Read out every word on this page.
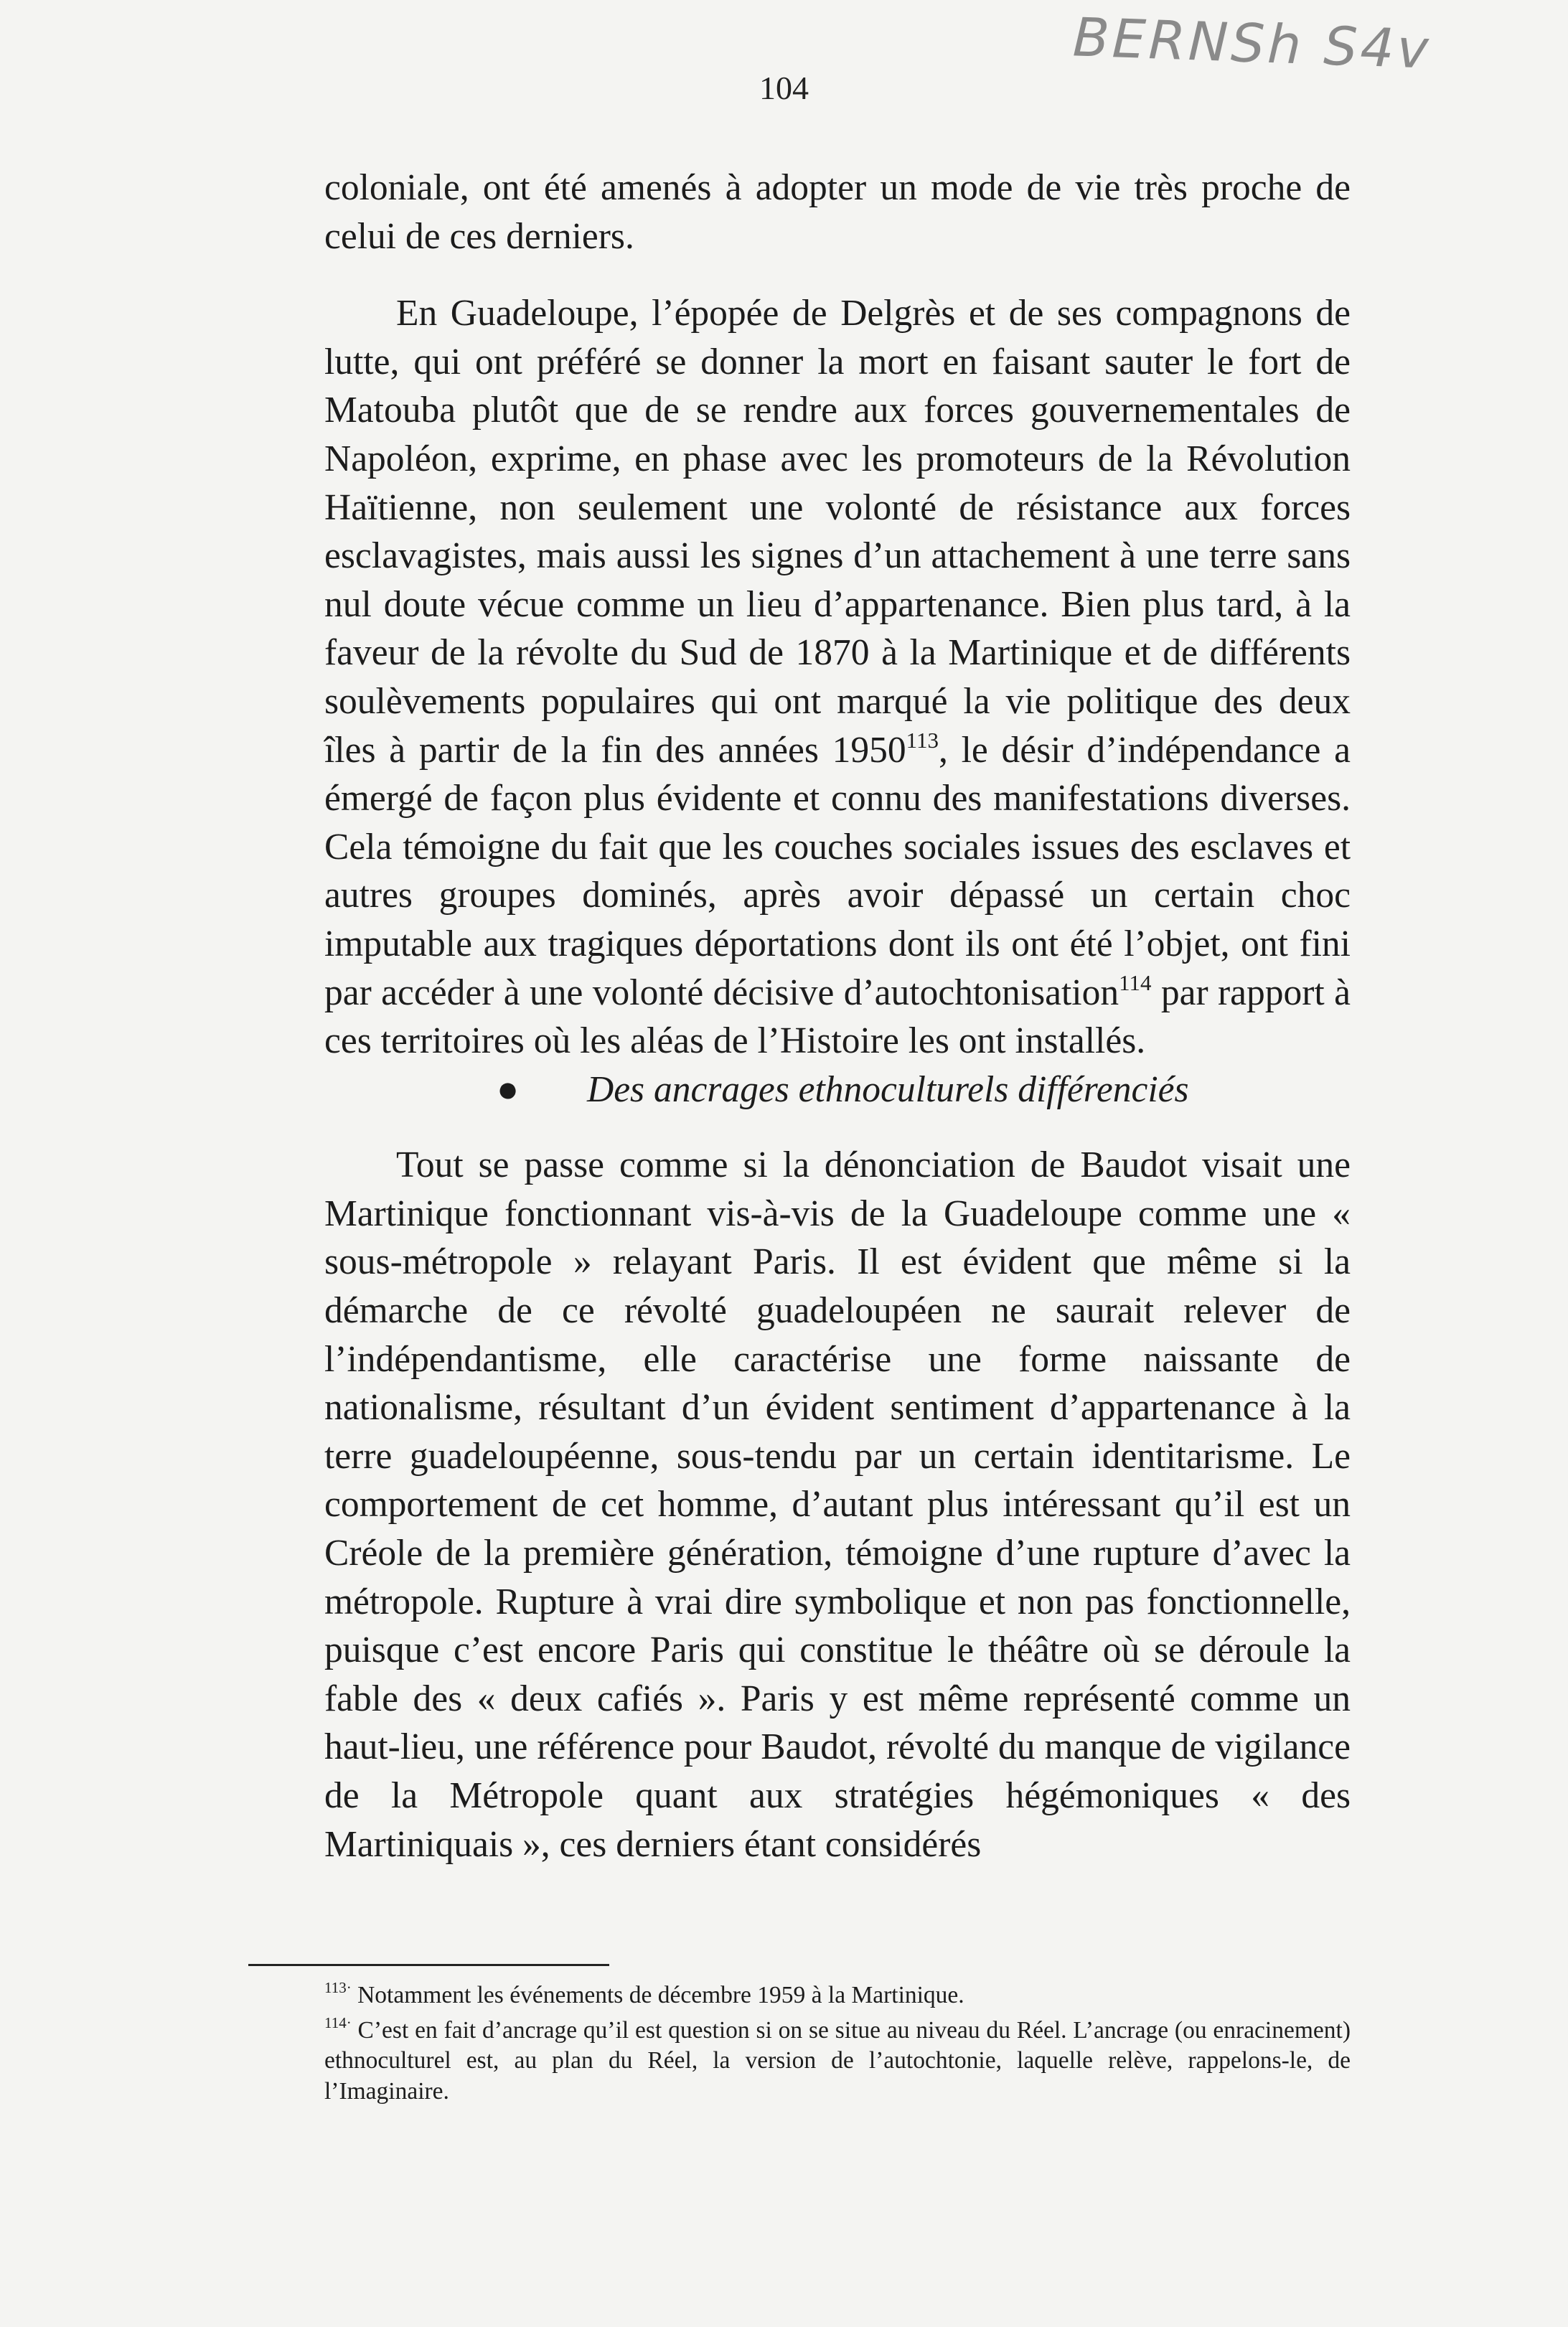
BERNSh S4v
104

coloniale, ont été amenés à adopter un mode de vie très proche de celui de ces derniers.

En Guadeloupe, l’épopée de Delgrès et de ses compagnons de lutte, qui ont préféré se donner la mort en faisant sauter le fort de Matouba plutôt que de se rendre aux forces gouvernementales de Napoléon, exprime, en phase avec les promoteurs de la Révolution Haïtienne, non seulement une volonté de résistance aux forces esclavagistes, mais aussi les signes d’un attachement à une terre sans nul doute vécue comme un lieu d’appartenance. Bien plus tard, à la faveur de la révolte du Sud de 1870 à la Martinique et de différents soulèvements populaires qui ont marqué la vie politique des deux îles à partir de la fin des années 1950$^{113}$, le désir d’indépendance a émergé de façon plus évidente et connu des manifestations diverses. Cela témoigne du fait que les couches sociales issues des esclaves et autres groupes dominés, après avoir dépassé un certain choc imputable aux tragiques déportations dont ils ont été l’objet, ont fini par accéder à une volonté décisive d’autochtonisation$^{114}$ par rapport à ces territoires où les aléas de l’Histoire les ont installés.

● Des ancrages ethnoculturels différenciés

Tout se passe comme si la dénonciation de Baudot visait une Martinique fonctionnant vis-à-vis de la Guadeloupe comme une « sous-métropole » relayant Paris. Il est évident que même si la démarche de ce révolté guadeloupéen ne saurait relever de l’indépendantisme, elle caractérise une forme naissante de nationalisme, résultant d’un évident sentiment d’appartenance à la terre guadeloupéenne, sous-tendu par un certain identitarisme. Le comportement de cet homme, d’autant plus intéressant qu’il est un Créole de la première génération, témoigne d’une rupture d’avec la métropole. Rupture à vrai dire symbolique et non pas fonctionnelle, puisque c’est encore Paris qui constitue le théâtre où se déroule la fable des « deux cafiés ». Paris y est même représenté comme un haut-lieu, une référence pour Baudot, révolté du manque de vigilance de la Métropole quant aux stratégies hégémoniques « des Martiniquais », ces derniers étant considérés

$^{113\cdot}$ Notamment les événements de décembre 1959 à la Martinique.

$^{114\cdot}$ C’est en fait d’ancrage qu’il est question si on se situe au niveau du Réel. L’ancrage (ou enracinement) ethnoculturel est, au plan du Réel, la version de l’autochtonie, laquelle relève, rappelons-le, de l’Imaginaire.
